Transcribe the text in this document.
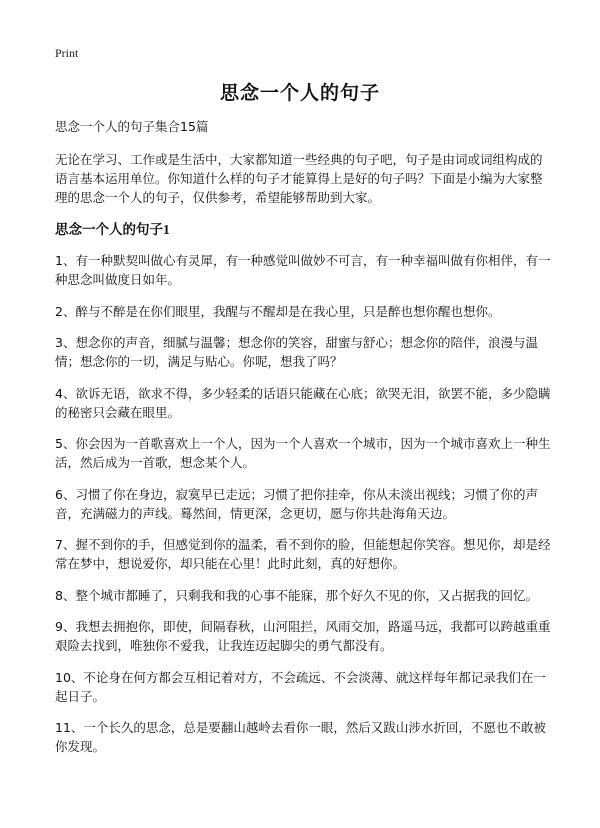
Print
思念一个人的句子

思念一个人的句子集合15篇

无论在学习、工作或是生活中，大家都知道一些经典的句子吧，句子是由词或词组构成的语言基本运用单位。你知道什么样的句子才能算得上是好的句子吗？下面是小编为大家整理的思念一个人的句子，仅供参考，希望能够帮助到大家。

思念一个人的句子1

1、有一种默契叫做心有灵犀，有一种感觉叫做妙不可言，有一种幸福叫做有你相伴，有一种思念叫做度日如年。

2、醉与不醉是在你们眼里，我醒与不醒却是在我心里，只是醉也想你醒也想你。

3、想念你的声音，细腻与温馨；想念你的笑容，甜蜜与舒心；想念你的陪伴，浪漫与温情；想念你的一切，满足与贴心。你呢，想我了吗？

4、欲诉无语，欲求不得，多少轻柔的话语只能藏在心底；欲哭无泪，欲罢不能，多少隐瞒的秘密只会藏在眼里。

5、你会因为一首歌喜欢上一个人，因为一个人喜欢一个城市，因为一个城市喜欢上一种生活，然后成为一首歌，想念某个人。

6、习惯了你在身边，寂寞早已走远；习惯了把你挂牵，你从未淡出视线；习惯了你的声音，充满磁力的声线。蓦然间，情更深，念更切，愿与你共赴海角天边。

7、握不到你的手，但感觉到你的温柔，看不到你的脸，但能想起你笑容。想见你，却是经常在梦中，想说爱你，却只能在心里！此时此刻，真的好想你。

8、整个城市都睡了，只剩我和我的心事不能寐，那个好久不见的你，又占据我的回忆。

9、我想去拥抱你，即使，间隔春秋，山河阻拦，风雨交加，路遥马远，我都可以跨越重重艰险去找到，唯独你不爱我，让我连迈起脚尖的勇气都没有。

10、不论身在何方都会互相记着对方，不会疏远、不会淡薄、就这样每年都记录我们在一起日子。

11、一个长久的思念，总是要翻山越岭去看你一眼，然后又跋山涉水折回，不愿也不敢被你发现。
